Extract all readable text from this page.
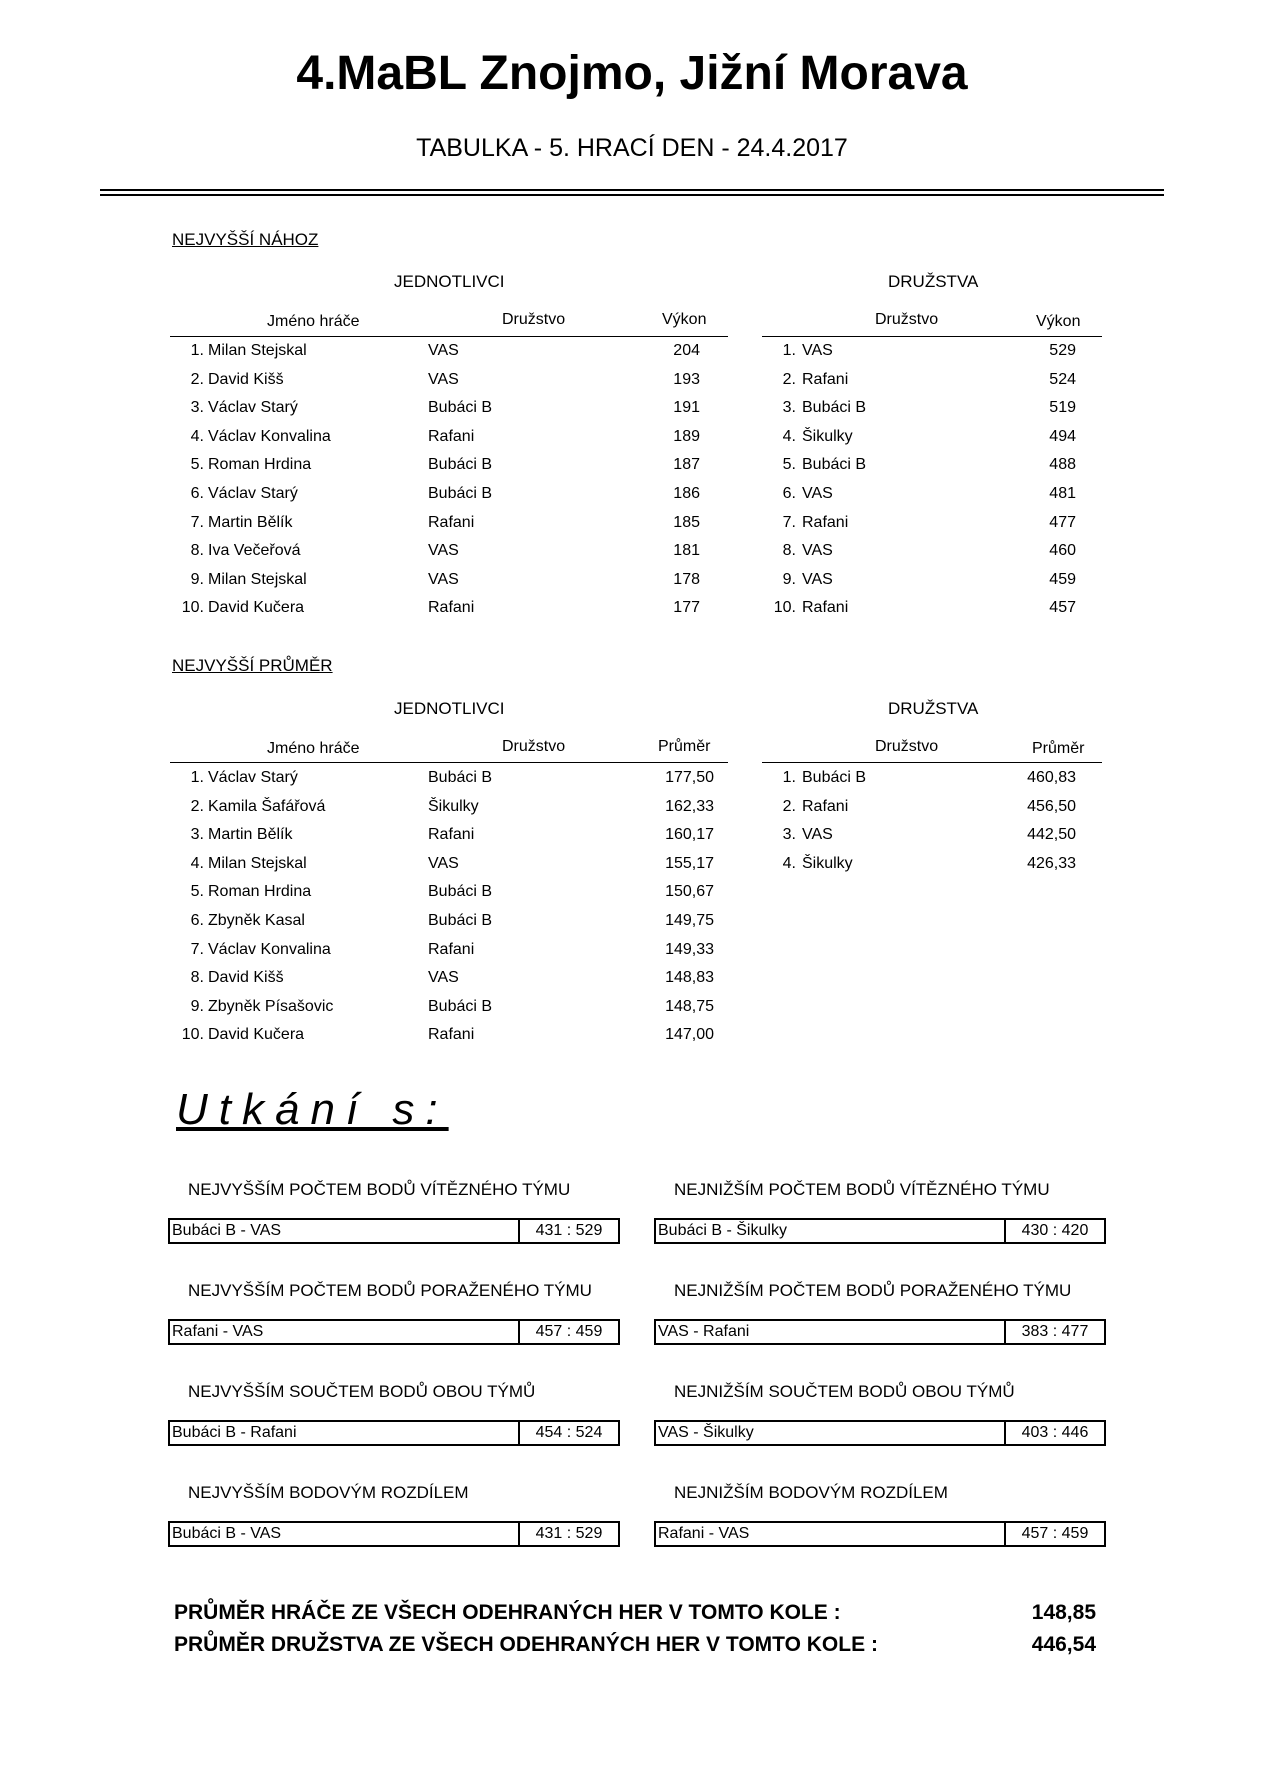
4.MaBL Znojmo, Jižní Morava
TABULKA - 5. HRACÍ DEN - 24.4.2017
NEJVYŠŠÍ NÁHOZ
JEDNOTLIVCI	DRUŽSTVA
Jméno hráče	Družstvo	Výkon	Družstvo	Výkon
1. Milan Stejskal	VAS	204
2. David Kišš	VAS	193
3. Václav Starý	Bubáci B	191
4. Václav Konvalina	Rafani	189
5. Roman Hrdina	Bubáci B	187
6. Václav Starý	Bubáci B	186
7. Martin Bělík	Rafani	185
8. Iva Večeřová	VAS	181
9. Milan Stejskal	VAS	178
10. David Kučera	Rafani	177
1. VAS	529
2. Rafani	524
3. Bubáci B	519
4. Šikulky	494
5. Bubáci B	488
6. VAS	481
7. Rafani	477
8. VAS	460
9. VAS	459
10. Rafani	457
NEJVYŠŠÍ PRŮMĚR
JEDNOTLIVCI	DRUŽSTVA
Jméno hráče	Družstvo	Průměr	Družstvo	Průměr
1. Václav Starý	Bubáci B	177,50
2. Kamila Šafářová	Šikulky	162,33
3. Martin Bělík	Rafani	160,17
4. Milan Stejskal	VAS	155,17
5. Roman Hrdina	Bubáci B	150,67
6. Zbyněk Kasal	Bubáci B	149,75
7. Václav Konvalina	Rafani	149,33
8. David Kišš	VAS	148,83
9. Zbyněk Písašovic	Bubáci B	148,75
10. David Kučera	Rafani	147,00
1. Bubáci B	460,83
2. Rafani	456,50
3. VAS	442,50
4. Šikulky	426,33
Utkání s:
NEJVYŠŠÍM POČTEM BODŮ VÍTĚZNÉHO TÝMU
Bubáci B - VAS	431 : 529
NEJNIŽŠÍM POČTEM BODŮ VÍTĚZNÉHO TÝMU
Bubáci B - Šikulky	430 : 420
NEJVYŠŠÍM POČTEM BODŮ PORAŽENÉHO TÝMU
Rafani - VAS	457 : 459
NEJNIŽŠÍM POČTEM BODŮ PORAŽENÉHO TÝMU
VAS - Rafani	383 : 477
NEJVYŠŠÍM SOUČTEM BODŮ OBOU TÝMŮ
Bubáci B - Rafani	454 : 524
NEJNIŽŠÍM SOUČTEM BODŮ OBOU TÝMŮ
VAS - Šikulky	403 : 446
NEJVYŠŠÍM BODOVÝM ROZDÍLEM
Bubáci B - VAS	431 : 529
NEJNIŽŠÍM BODOVÝM ROZDÍLEM
Rafani - VAS	457 : 459
PRŮMĚR HRÁČE ZE VŠECH ODEHRANÝCH HER V TOMTO KOLE :	148,85
PRŮMĚR DRUŽSTVA ZE VŠECH ODEHRANÝCH HER V TOMTO KOLE :	446,54
